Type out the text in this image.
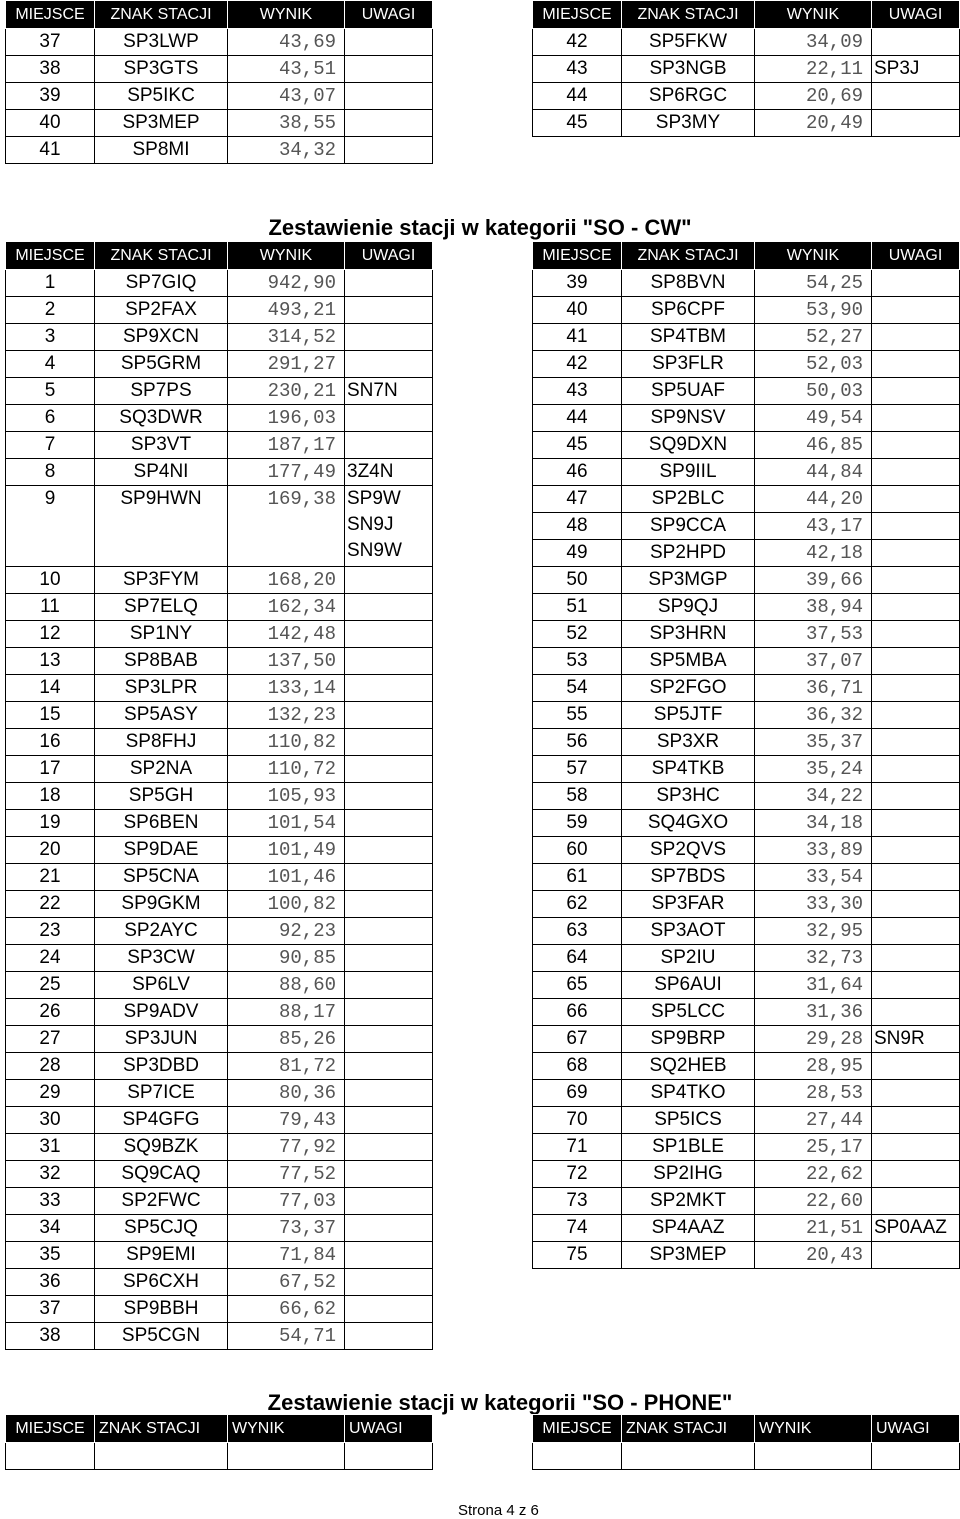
MIEJSCE	ZNAK STACJI	WYNIK	UWAGI
37	SP3LWP	43,69	
38	SP3GTS	43,51	
39	SP5IKC	43,07	
40	SP3MEP	38,55	
41	SP8MI	34,32	
MIEJSCE	ZNAK STACJI	WYNIK	UWAGI
42	SP5FKW	34,09	
43	SP3NGB	22,11	SP3J
44	SP6RGC	20,69	
45	SP3MY	20,49	
Zestawienie stacji w kategorii "SO - CW"
MIEJSCE	ZNAK STACJI	WYNIK	UWAGI
1	SP7GIQ	942,90	
2	SP2FAX	493,21	
3	SP9XCN	314,52	
4	SP5GRM	291,27	
5	SP7PS	230,21	SN7N
6	SQ3DWR	196,03	
7	SP3VT	187,17	
8	SP4NI	177,49	3Z4N
9	SP9HWN	169,38	SP9W
SN9J
SN9W
10	SP3FYM	168,20	
11	SP7ELQ	162,34	
12	SP1NY	142,48	
13	SP8BAB	137,50	
14	SP3LPR	133,14	
15	SP5ASY	132,23	
16	SP8FHJ	110,82	
17	SP2NA	110,72	
18	SP5GH	105,93	
19	SP6BEN	101,54	
20	SP9DAE	101,49	
21	SP5CNA	101,46	
22	SP9GKM	100,82	
23	SP2AYC	92,23	
24	SP3CW	90,85	
25	SP6LV	88,60	
26	SP9ADV	88,17	
27	SP3JUN	85,26	
28	SP3DBD	81,72	
29	SP7ICE	80,36	
30	SP4GFG	79,43	
31	SQ9BZK	77,92	
32	SQ9CAQ	77,52	
33	SP2FWC	77,03	
34	SP5CJQ	73,37	
35	SP9EMI	71,84	
36	SP6CXH	67,52	
37	SP9BBH	66,62	
38	SP5CGN	54,71	
MIEJSCE	ZNAK STACJI	WYNIK	UWAGI
39	SP8BVN	54,25	
40	SP6CPF	53,90	
41	SP4TBM	52,27	
42	SP3FLR	52,03	
43	SP5UAF	50,03	
44	SP9NSV	49,54	
45	SQ9DXN	46,85	
46	SP9IIL	44,84	
47	SP2BLC	44,20	
48	SP9CCA	43,17	
49	SP2HPD	42,18	
50	SP3MGP	39,66	
51	SP9QJ	38,94	
52	SP3HRN	37,53	
53	SP5MBA	37,07	
54	SP2FGO	36,71	
55	SP5JTF	36,32	
56	SP3XR	35,37	
57	SP4TKB	35,24	
58	SP3HC	34,22	
59	SQ4GXO	34,18	
60	SP2QVS	33,89	
61	SP7BDS	33,54	
62	SP3FAR	33,30	
63	SP3AOT	32,95	
64	SP2IU	32,73	
65	SP6AUI	31,64	
66	SP5LCC	31,36	
67	SP9BRP	29,28	SN9R
68	SQ2HEB	28,95	
69	SP4TKO	28,53	
70	SP5ICS	27,44	
71	SP1BLE	25,17	
72	SP2IHG	22,62	
73	SP2MKT	22,60	
74	SP4AAZ	21,51	SP0AAZ
75	SP3MEP	20,43	
Zestawienie stacji w kategorii "SO - PHONE"
MIEJSCE	ZNAK STACJI	WYNIK	UWAGI
				MIEJSCE	ZNAK STACJI	WYNIK	UWAGI

Strona 4 z 6
